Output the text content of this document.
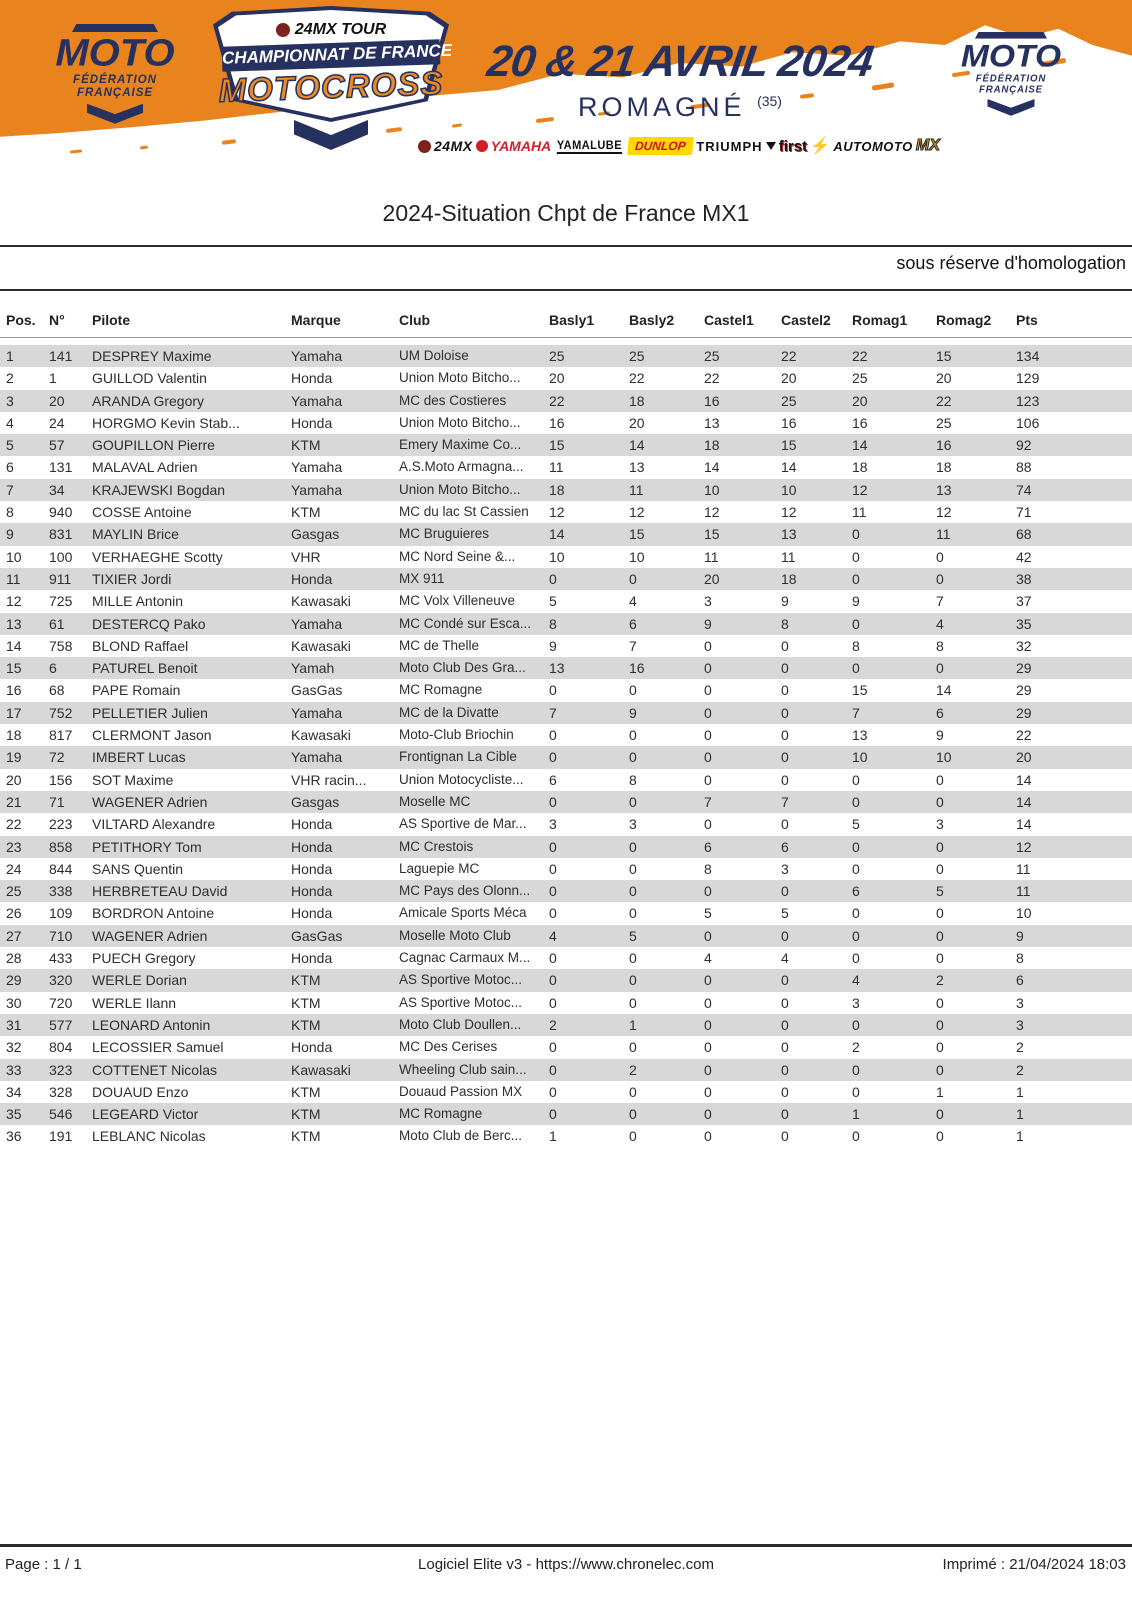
MOTO
FÉDÉRATION
FRANÇAISE
24MX TOUR
CHAMPIONNAT DE FRANCE
MOTOCROSS
20 & 21 AVRIL 2024
ROMAGNÉ $^{(35)}$
MOTO
FÉDÉRATION
FRANÇAISE
24MX YAMAHA YAMALUBE	DUNLOP TRIUMPH first ⚡ AUTOMOTO MX
2024-Situation Chpt de France MX1
sous réserve d'homologation
Pos. N°	Pilote	Marque	Club	Basly1	Basly2	Castel1	Castel2	Romag1	Romag2	Pts
1	141	DESPREY Maxime	Yamaha	UM Doloise	25	25	25	22	22	15	134
2	1	GUILLOD Valentin	Honda	Union Moto Bitcho...	20	22	22	20	25	20	129
3	20	ARANDA Gregory	Yamaha	MC des Costieres	22	18	16	25	20	22	123
4	24	HORGMO Kevin Stab...	Honda	Union Moto Bitcho...	16	20	13	16	16	25	106
5	57	GOUPILLON Pierre	KTM	Emery Maxime Co...	15	14	18	15	14	16	92
6	131	MALAVAL Adrien	Yamaha	A.S.Moto Armagna...	11	13	14	14	18	18	88
7	34	KRAJEWSKI Bogdan	Yamaha	Union Moto Bitcho...	18	11	10	10	12	13	74
8	940	COSSE Antoine	KTM	MC du lac St Cassien	12	12	12	12	11	12	71
9	831	MAYLIN Brice	Gasgas	MC Bruguieres	14	15	15	13	0	11	68
10	100	VERHAEGHE Scotty	VHR	MC Nord Seine &...	10	10	11	11	0	0	42
11	911	TIXIER Jordi	Honda	MX 911	0	0	20	18	0	0	38
12	725	MILLE Antonin	Kawasaki	MC Volx Villeneuve	5	4	3	9	9	7	37
13	61	DESTERCQ Pako	Yamaha	MC Condé sur Esca...	8	6	9	8	0	4	35
14	758	BLOND Raffael	Kawasaki	MC de Thelle	9	7	0	0	8	8	32
15	6	PATUREL Benoit	Yamah	Moto Club Des Gra...	13	16	0	0	0	0	29
16	68	PAPE Romain	GasGas	MC Romagne	0	0	0	0	15	14	29
17	752	PELLETIER Julien	Yamaha	MC de la Divatte	7	9	0	0	7	6	29
18	817	CLERMONT Jason	Kawasaki	Moto-Club Briochin	0	0	0	0	13	9	22
19	72	IMBERT Lucas	Yamaha	Frontignan La Cible	0	0	0	0	10	10	20
20	156	SOT Maxime	VHR racin...	Union Motocycliste...	6	8	0	0	0	0	14
21	71	WAGENER Adrien	Gasgas	Moselle MC	0	0	7	7	0	0	14
22	223	VILTARD Alexandre	Honda	AS Sportive de Mar...	3	3	0	0	5	3	14
23	858	PETITHORY Tom	Honda	MC Crestois	0	0	6	6	0	0	12
24	844	SANS Quentin	Honda	Laguepie MC	0	0	8	3	0	0	11
25	338	HERBRETEAU David	Honda	MC Pays des Olonn...	0	0	0	0	6	5	11
26	109	BORDRON Antoine	Honda	Amicale Sports Méca	0	0	5	5	0	0	10
27	710	WAGENER Adrien	GasGas	Moselle Moto Club	4	5	0	0	0	0	9
28	433	PUECH Gregory	Honda	Cagnac Carmaux M...	0	0	4	4	0	0	8
29	320	WERLE Dorian	KTM	AS Sportive Motoc...	0	0	0	0	4	2	6
30	720	WERLE Ilann	KTM	AS Sportive Motoc...	0	0	0	0	3	0	3
31	577	LEONARD Antonin	KTM	Moto Club Doullen...	2	1	0	0	0	0	3
32	804	LECOSSIER Samuel	Honda	MC Des Cerises	0	0	0	0	2	0	2
33	323	COTTENET Nicolas	Kawasaki	Wheeling Club sain...	0	2	0	0	0	0	2
34	328	DOUAUD Enzo	KTM	Douaud Passion MX	0	0	0	0	0	1	1
35	546	LEGEARD Victor	KTM	MC Romagne	0	0	0	0	1	0	1
36	191	LEBLANC Nicolas	KTM	Moto Club de Berc...	1	0	0	0	0	0	1
Page : 1 / 1	Logiciel Elite v3 - https://www.chronelec.com	Imprimé : 21/04/2024 18:03
